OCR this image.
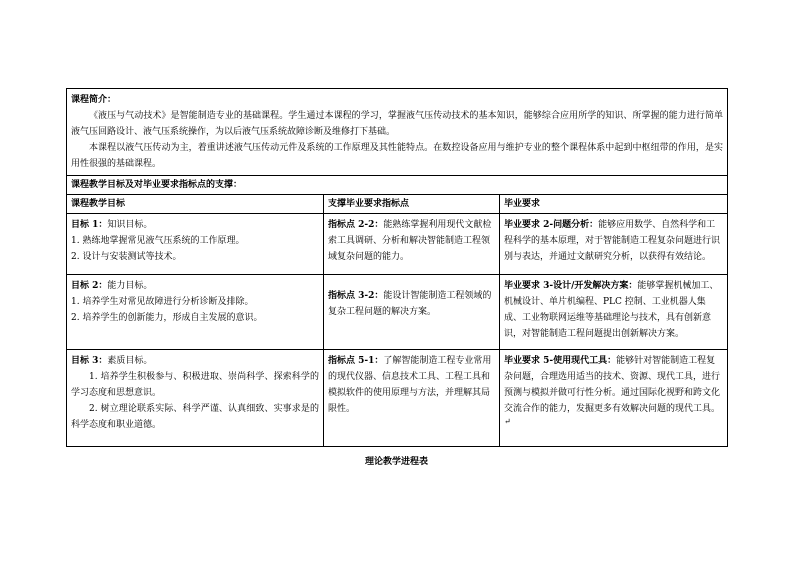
课程简介：
《液压与气动技术》是智能制造专业的基础课程。学生通过本课程的学习，掌握液气压传动技术的基本知识，能够综合应用所学的知识、所掌握的能力进行简单液气压回路设计、液气压系统操作，为以后液气压系统故障诊断及维修打下基础。
本课程以液气压传动为主，着重讲述液气压传动元件及系统的工作原理及其性能特点。在数控设备应用与维护专业的整个课程体系中起到中枢纽带的作用，是实用性很强的基础课程。		

课程教学目标及对毕业要求指标点的支撑：		
课程教学目标	支撑毕业要求指标点	毕业要求

目标 1：知识目标。
1. 熟练地掌握常见液气压系统的工作原理。
2. 设计与安装测试等技术。	指标点 2-2：能熟练掌握利用现代文献检索工具调研、分析和解决智能制造工程领域复杂问题的能力。	毕业要求 2-问题分析：能够应用数学、自然科学和工程科学的基本原理，对于智能制造工程复杂问题进行识别与表达，并通过文献研究分析，以获得有效结论。

目标 2：能力目标。
1. 培养学生对常见故障进行分析诊断及排除。
2. 培养学生的创新能力，形成自主发展的意识。	指标点 3-2：能设计智能制造工程领域的复杂工程问题的解决方案。	毕业要求 3-设计/开发解决方案：能够掌握机械加工、机械设计、单片机编程、PLC 控制、工业机器人集成、工业物联网运维等基础理论与技术，具有创新意识，对智能制造工程问题提出创新解决方案。

目标 3：素质目标。
1. 培养学生积极参与、积极进取、崇尚科学、探索科学的学习态度和思想意识。
2. 树立理论联系实际、科学严谨、认真细致、实事求是的科学态度和职业道德。	指标点 5-1：了解智能制造工程专业常用的现代仪器、信息技术工具、工程工具和模拟软件的使用原理与方法，并理解其局限性。	毕业要求 5-使用现代工具：能够针对智能制造工程复杂问题，合理选用适当的技术、资源、现代工具，进行预测与模拟并做可行性分析。通过国际化视野和跨文化交流合作的能力，发掘更多有效解决问题的现代工具。
↵
理论教学进程表
